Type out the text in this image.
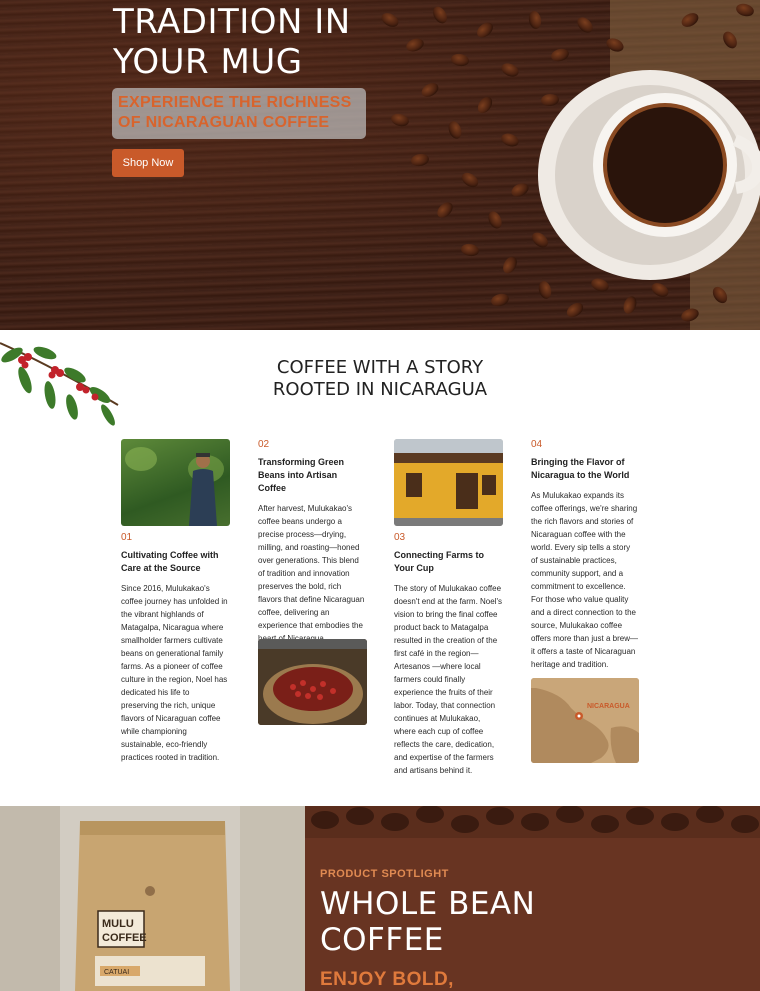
TRADITION IN
YOUR MUG
EXPERIENCE THE RICHNESS
OF NICARAGUAN COFFEE
Shop Now
COFFEE WITH A STORY
ROOTED IN NICARAGUA

01

Cultivating Coffee with Care at the Source

Since 2016, Mulukakao's coffee journey has unfolded in the vibrant highlands of Matagalpa, Nicaragua where smallholder farmers cultivate beans on generational family farms. As a pioneer of coffee culture in the region, Noel has dedicated his life to preserving the rich, unique flavors of Nicaraguan coffee while championing sustainable, eco-friendly practices rooted in tradition.

02

Transforming Green Beans into Artisan Coffee

After harvest, Mulukakao's coffee beans undergo a precise process—drying, milling, and roasting—honed over generations. This blend of tradition and innovation preserves the bold, rich flavors that define Nicaraguan coffee, delivering an experience that embodies the

03

Connecting Farms to Your Cup

The story of Mulukakao coffee doesn't end at the farm. Noel's vision to bring the final coffee product back to Matagalpa resulted in the creation of the first café in the region—Artesanos —where local farmers could finally experience the fruits of their labor. Today, that connection continues at Mulukakao, where each cup of coffee reflects the care, dedication, and expertise of the farmers and artisans behind it.

04

Bringing the Flavor of Nicaragua to the World

As Mulukakao expands its coffee offerings, we're sharing the rich flavors and stories of Nicaraguan coffee with the world. Every sip tells a story of sustainable practices, community support, and a commitment to excellence. For those who value quality and a direct connection to the source, Mulukakao coffee offers more than just a brew—it offers a taste of Nicaraguan heritage and tradition.

NICARAGUA
MULU
COFFEE
CATUAI

PRODUCT SPOTLIGHT

WHOLE BEAN
COFFEE

ENJOY BOLD,
